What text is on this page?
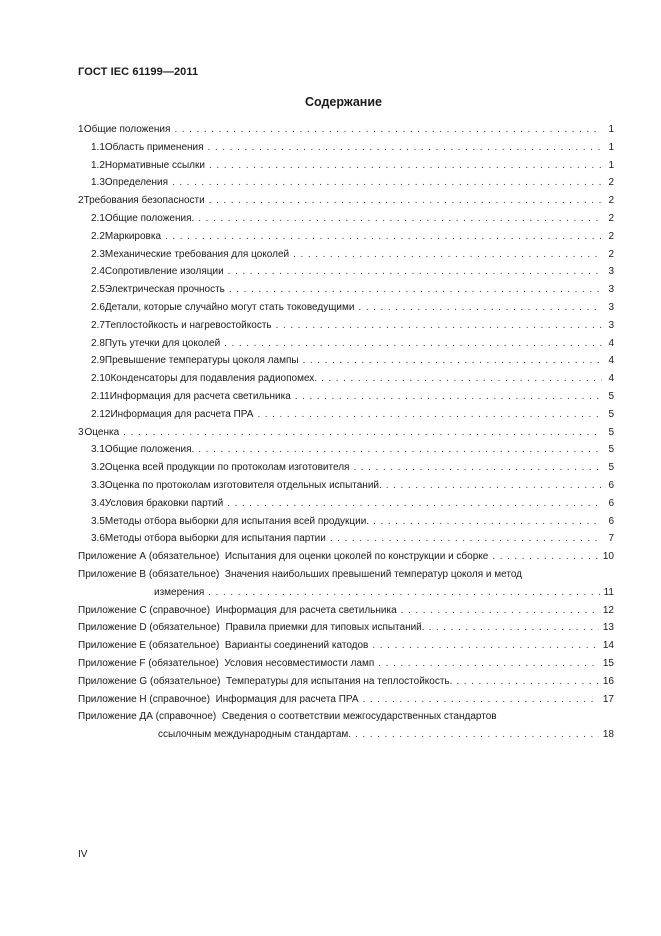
ГОСТ IEC 61199—2011
Содержание
1 Общие положения . . .	1
1.1 Область применения . . .	1
1.2 Нормативные ссылки . . .	1
1.3 Определения . . .	2
2 Требования безопасности . . .	2
2.1 Общие положения. . . .	2
2.2 Маркировка . . .	2
2.3 Механические требования для цоколей . . .	2
2.4 Сопротивление изоляции . . .	3
2.5 Электрическая прочность . . .	3
2.6 Детали, которые случайно могут стать токоведущими . . .	3
2.7 Теплостойкость и нагревостойкость . . .	3
2.8 Путь утечки для цоколей . . .	4
2.9 Превышение температуры цоколя лампы . . .	4
2.10 Конденсаторы для подавления радиопомех. . . .	4
2.11 Информация для расчета светильника . . .	5
2.12 Информация для расчета ПРА . . .	5
3 Оценка . . .	5
3.1 Общие положения. . . .	5
3.2 Оценка всей продукции по протоколам изготовителя . . .	5
3.3 Оценка по протоколам изготовителя отдельных испытаний. . . .	6
3.4 Условия браковки партий . . .	6
3.5 Методы отбора выборки для испытания всей продукции. . . .	6
3.6 Методы отбора выборки для испытания партии . . .	7
Приложение А (обязательное) Испытания для оценки цоколей по конструкции и сборке . . .	10
Приложение В (обязательное) Значения наибольших превышений температур цоколя и метод
измерения . . .	11
Приложение С (справочное) Информация для расчета светильника . . .	12
Приложение D (обязательное) Правила приемки для типовых испытаний. . . .	13
Приложение Е (обязательное) Варианты соединений катодов . . .	14
Приложение F (обязательное) Условия несовместимости ламп . . .	15
Приложение G (обязательное) Температуры для испытания на теплостойкость. . . .	16
Приложение Н (справочное) Информация для расчета ПРА . . .	17
Приложение ДА (справочное) Сведения о соответствии межгосударственных стандартов
ссылочным международным стандартам. . . .	18
IV
